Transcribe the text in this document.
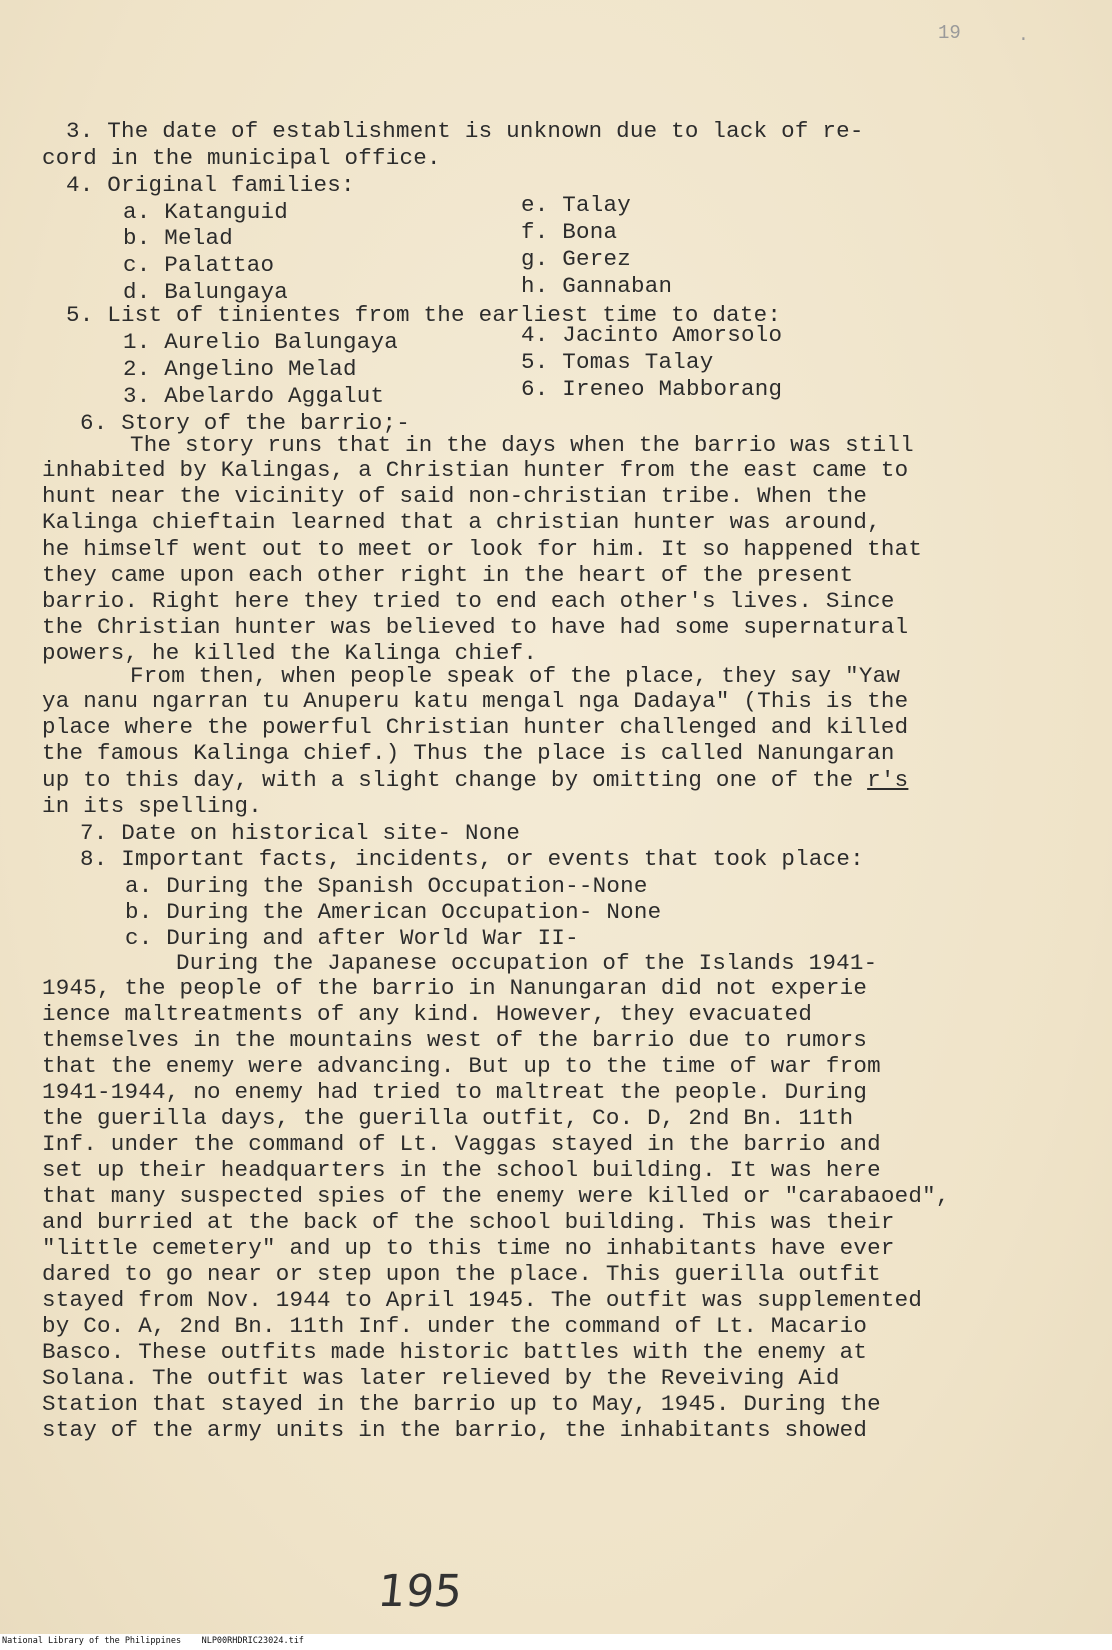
19	.
3. The date of establishment is unknown due to lack of re-
cord in the municipal office.
4. Original families:
a. Katanguid	e. Talay
b. Melad	f. Bona
c. Palattao	g. Gerez
d. Balungaya	h. Gannaban
5. List of tinientes from the earliest time to date:
1. Aurelio Balungaya	4. Jacinto Amorsolo
2. Angelino Melad	5. Tomas Talay
3. Abelardo Aggalut	6. Ireneo Mabborang
6. Story of the barrio;-
The story runs that in the days when the barrio was still
inhabited by Kalingas, a Christian hunter from the east came to
hunt near the vicinity of said non-christian tribe. When the
Kalinga chieftain learned that a christian hunter was around,
he himself went out to meet or look for him. It so happened that
they came upon each other right in the heart of the present
barrio. Right here they tried to end each other's lives. Since
the Christian hunter was believed to have had some supernatural
powers, he killed the Kalinga chief.
From then, when people speak of the place, they say "Yaw
ya nanu ngarran tu Anuperu katu mengal nga Dadaya" (This is the
place where the powerful Christian hunter challenged and killed
the famous Kalinga chief.) Thus the place is called Nanungaran
up to this day, with a slight change by omitting one of the r's
in its spelling.
7. Date on historical site- None
8. Important facts, incidents, or events that took place:
a. During the Spanish Occupation--None
b. During the American Occupation- None
c. During and after World War II-
During the Japanese occupation of the Islands 1941-
1945, the people of the barrio in Nanungaran did not experie
ience maltreatments of any kind. However, they evacuated
themselves in the mountains west of the barrio due to rumors
that the enemy were advancing. But up to the time of war from
1941-1944, no enemy had tried to maltreat the people. During
the guerilla days, the guerilla outfit, Co. D, 2nd Bn. 11th
Inf. under the command of Lt. Vaggas stayed in the barrio and
set up their headquarters in the school building. It was here
that many suspected spies of the enemy were killed or "carabaoed",
and burried at the back of the school building. This was their
"little cemetery" and up to this time no inhabitants have ever
dared to go near or step upon the place. This guerilla outfit
stayed from Nov. 1944 to April 1945. The outfit was supplemented
by Co. A, 2nd Bn. 11th Inf. under the command of Lt. Macario
Basco. These outfits made historic battles with the enemy at
Solana. The outfit was later relieved by the Reveiving Aid
Station that stayed in the barrio up to May, 1945. During the
stay of the army units in the barrio, the inhabitants showed
195
National Library of the Philippines    NLP00RHDRIC23024.tif
